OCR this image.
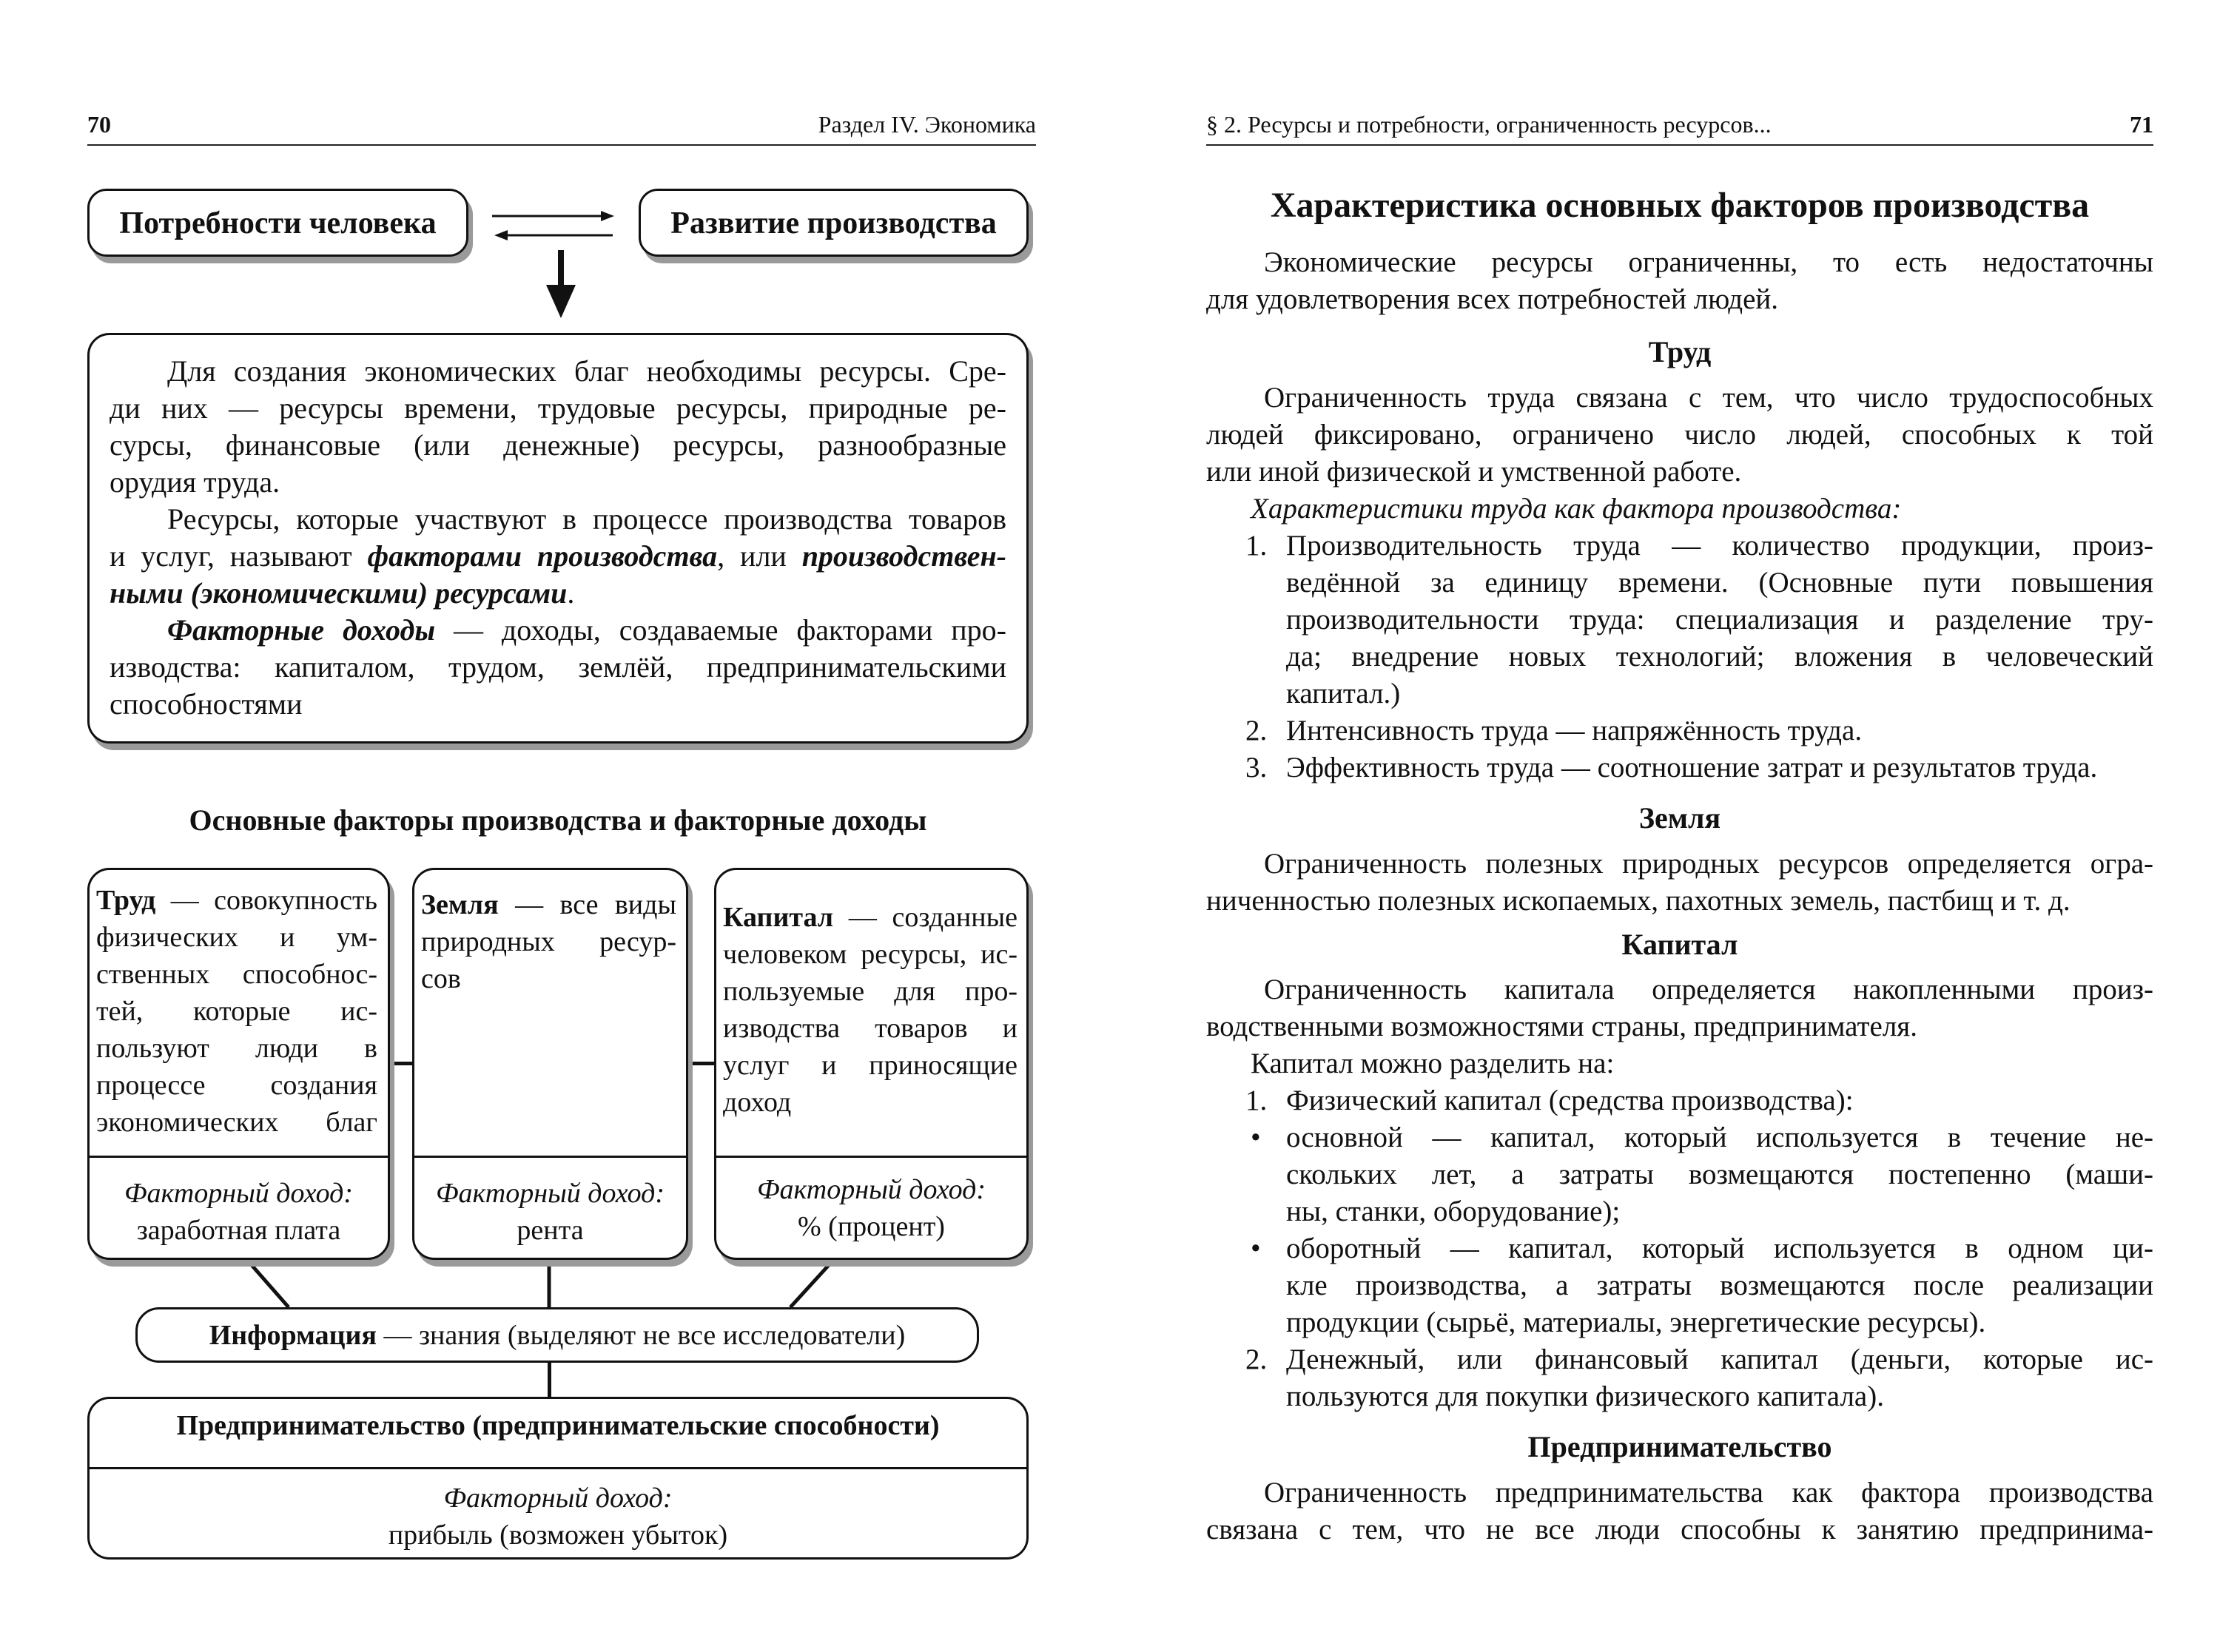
70	Раздел IV. Экономика
Потребности человека	Развитие производства
Для создания экономических благ необходимы ресурсы. Сре-
ди них — ресурсы времени, трудовые ресурсы, природные ре-
сурсы, финансовые (или денежные) ресурсы, разнообразные
орудия труда.
Ресурсы, которые участвуют в процессе производства товаров
и услуг, называют факторами производства, или производствен-
ными (экономическими) ресурсами.
Факторные доходы — доходы, создаваемые факторами про-
изводства: капиталом, трудом, землёй, предпринимательскими
способностями
Основные факторы производства и факторные доходы
Труд — совокупность
физических и ум-
ственных способнос-
тей, которые ис-
пользуют люди в
процессе создания
экономических благ
Факторный доход:
заработная плата
Земля — все виды
природных ресур-
сов
Факторный доход:
рента
Капитал — созданные
человеком ресурсы, ис-
пользуемые для про-
изводства товаров и
услуг и приносящие
доход
Факторный доход:
% (процент)
Информация — знания (выделяют не все исследователи)
Предпринимательство (предпринимательские способности)
Факторный доход:
прибыль (возможен убыток)
§ 2. Ресурсы и потребности, ограниченность ресурсов...	71
Характеристика основных факторов производства
Экономические ресурсы ограниченны, то есть недостаточны
для удовлетворения всех потребностей людей.
Труд
Ограниченность труда связана с тем, что число трудоспособных
людей фиксировано, ограничено число людей, способных к той
или иной физической и умственной работе.
Характеристики труда как фактора производства:
1. Производительность труда — количество продукции, произ-
ведённой за единицу времени. (Основные пути повышения
производительности труда: специализация и разделение тру-
да; внедрение новых технологий; вложения в человеческий
капитал.)
2. Интенсивность труда — напряжённость труда.
3. Эффективность труда — соотношение затрат и результатов труда.
Земля
Ограниченность полезных природных ресурсов определяется огра-
ниченностью полезных ископаемых, пахотных земель, пастбищ и т. д.
Капитал
Ограниченность капитала определяется накопленными произ-
водственными возможностями страны, предпринимателя.
Капитал можно разделить на:
1. Физический капитал (средства производства):
• основной — капитал, который используется в течение не-
скольких лет, а затраты возмещаются постепенно (маши-
ны, станки, оборудование);
• оборотный — капитал, который используется в одном ци-
кле производства, а затраты возмещаются после реализации
продукции (сырьё, материалы, энергетические ресурсы).
2. Денежный, или финансовый капитал (деньги, которые ис-
пользуются для покупки физического капитала).
Предпринимательство
Ограниченность предпринимательства как фактора производства
связана с тем, что не все люди способны к занятию предпринима-
